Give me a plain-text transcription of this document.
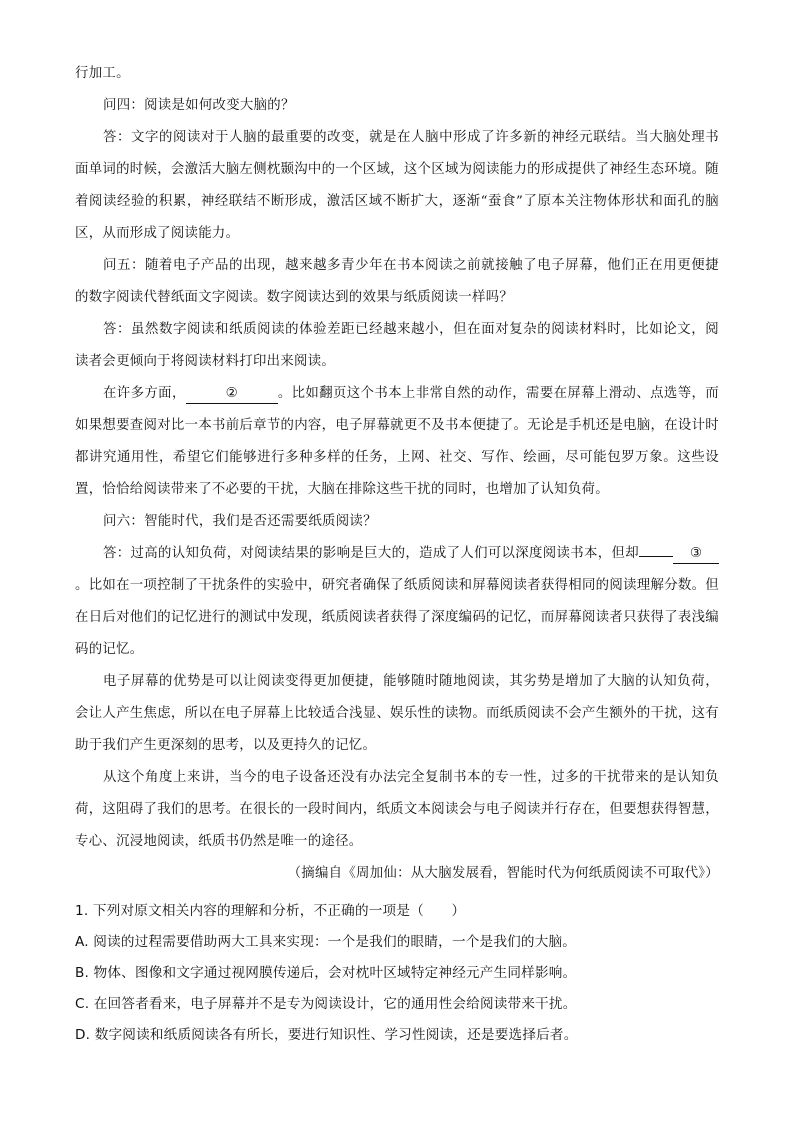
行加工。

问四：阅读是如何改变大脑的？

答：文字的阅读对于人脑的最重要的改变，就是在人脑中形成了许多新的神经元联结。当大脑处理书面单词的时候，会激活大脑左侧枕颞沟中的一个区域，这个区域为阅读能力的形成提供了神经生态环境。随着阅读经验的积累，神经联结不断形成，激活区域不断扩大，逐渐“蚕食”了原本关注物体形状和面孔的脑区，从而形成了阅读能力。

问五：随着电子产品的出现，越来越多青少年在书本阅读之前就接触了电子屏幕，他们正在用更便捷的数字阅读代替纸面文字阅读。数字阅读达到的效果与纸质阅读一样吗？

答：虽然数字阅读和纸质阅读的体验差距已经越来越小，但在面对复杂的阅读材料时，比如论文，阅读者会更倾向于将阅读材料打印出来阅读。

在许多方面，	②	。比如翻页这个书本上非常自然的动作，需要在屏幕上滑动、点选等，而如果想要查阅对比一本书前后章节的内容，电子屏幕就更不及书本便捷了。无论是手机还是电脑，在设计时都讲究通用性，希望它们能够进行多种多样的任务，上网、社交、写作、绘画，尽可能包罗万象。这些设置，恰恰给阅读带来了不必要的干扰，大脑在排除这些干扰的同时，也增加了认知负荷。

问六：智能时代，我们是否还需要纸质阅读？

答：过高的认知负荷，对阅读结果的影响是巨大的，造成了人们可以深度阅读书本，但却	③。比如在一项控制了干扰条件的实验中，研究者确保了纸质阅读和屏幕阅读者获得相同的阅读理解分数。但在日后对他们的记忆进行的测试中发现，纸质阅读者获得了深度编码的记忆，而屏幕阅读者只获得了表浅编码的记忆。

电子屏幕的优势是可以让阅读变得更加便捷，能够随时随地阅读，其劣势是增加了大脑的认知负荷，会让人产生焦虑，所以在电子屏幕上比较适合浅显、娱乐性的读物。而纸质阅读不会产生额外的干扰，这有助于我们产生更深刻的思考，以及更持久的记忆。

从这个角度上来讲，当今的电子设备还没有办法完全复制书本的专一性，过多的干扰带来的是认知负荷，这阻碍了我们的思考。在很长的一段时间内，纸质文本阅读会与电子阅读并行存在，但要想获得智慧，专心、沉浸地阅读，纸质书仍然是唯一的途径。

（摘编自《周加仙：从大脑发展看，智能时代为何纸质阅读不可取代》）

1. 下列对原文相关内容的理解和分析，不正确的一项是（　　）

A. 阅读的过程需要借助两大工具来实现：一个是我们的眼睛，一个是我们的大脑。

B. 物体、图像和文字通过视网膜传递后，会对枕叶区域特定神经元产生同样影响。

C. 在回答者看来，电子屏幕并不是专为阅读设计，它的通用性会给阅读带来干扰。

D. 数字阅读和纸质阅读各有所长，要进行知识性、学习性阅读，还是要选择后者。
